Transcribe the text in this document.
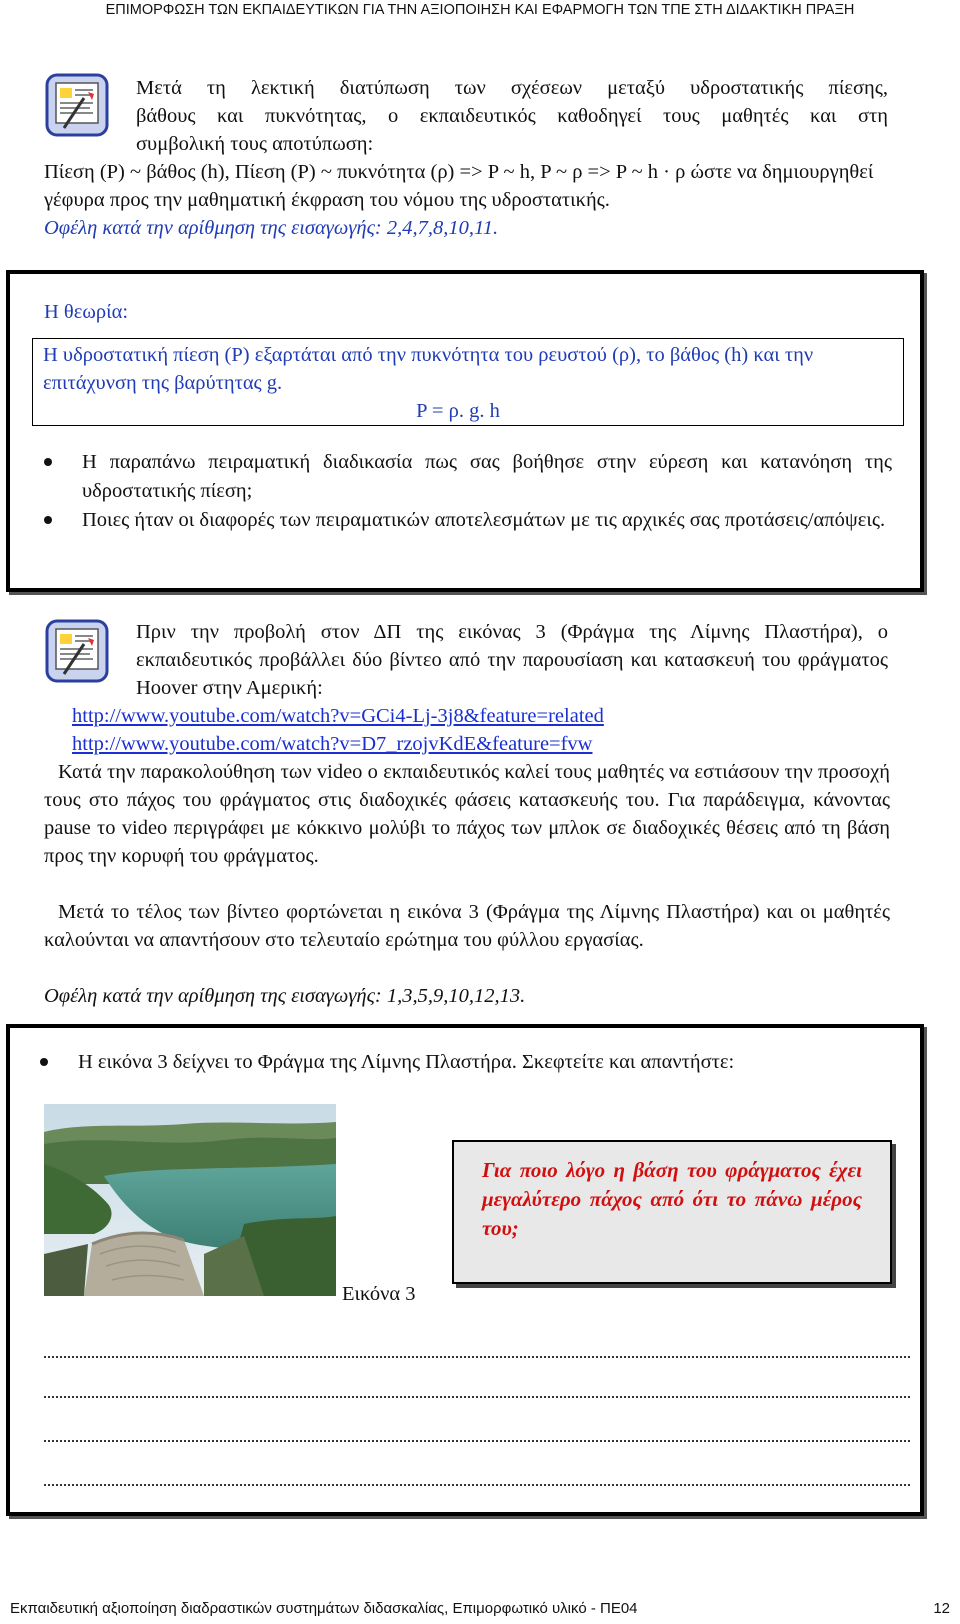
ΕΠΙΜΟΡΦΩΣΗ ΤΩΝ ΕΚΠΑΙΔΕΥΤΙΚΩΝ ΓΙΑ ΤΗΝ ΑΞΙΟΠΟΙΗΣΗ ΚΑΙ ΕΦΑΡΜΟΓΗ ΤΩΝ ΤΠΕ ΣΤΗ ΔΙΔΑΚΤΙΚΗ ΠΡΑΞΗ
Μετά τη λεκτική διατύπωση των σχέσεων μεταξύ υδροστατικής πίεσης,
βάθους και πυκνότητας, ο εκπαιδευτικός καθοδηγεί τους μαθητές και στη
συμβολική τους αποτύπωση:
Πίεση (P) ~ βάθος (h), Πίεση (P) ~ πυκνότητα (ρ) => P ~ h, P ~ ρ => P ~ h · ρ ώστε να δημιουργηθεί γέφυρα προς την μαθηματική έκφραση του νόμου της υδροστατικής.
Οφέλη κατά την αρίθμηση της εισαγωγής: 2,4,7,8,10,11.
Η θεωρία:
Η υδροστατική πίεση (P) εξαρτάται από την πυκνότητα του ρευστού (ρ), το βάθος (h) και την επιτάχυνση της βαρύτητας g.
P = ρ. g. h
Η παραπάνω πειραματική διαδικασία πως σας βοήθησε στην εύρεση και κατανόηση της υδροστατικής πίεση;
Ποιες ήταν οι διαφορές των πειραματικών αποτελεσμάτων με τις αρχικές σας προτάσεις/απόψεις.
Πριν την προβολή στον ΔΠ της εικόνας 3 (Φράγμα της Λίμνης Πλαστήρα), ο εκπαιδευτικός προβάλλει δύο βίντεο από την παρουσίαση και κατασκευή του φράγματος Hoover στην Αμερική:
http://www.youtube.com/watch?v=GCi4-Lj-3j8&feature=related
http://www.youtube.com/watch?v=D7_rzojvKdE&feature=fvw
Κατά την παρακολούθηση των video ο εκπαιδευτικός καλεί τους μαθητές να εστιάσουν την προσοχή τους στο πάχος του φράγματος στις διαδοχικές φάσεις κατασκευής του. Για παράδειγμα, κάνοντας pause το video περιγράφει με κόκκινο μολύβι το πάχος των μπλοκ σε διαδοχικές θέσεις από τη βάση προς την κορυφή του φράγματος.
Μετά το τέλος των βίντεο φορτώνεται η εικόνα 3 (Φράγμα της Λίμνης Πλαστήρα) και οι μαθητές καλούνται να απαντήσουν στο τελευταίο ερώτημα του φύλλου εργασίας.
Οφέλη κατά την αρίθμηση της εισαγωγής: 1,3,5,9,10,12,13.
Η εικόνα 3 δείχνει το Φράγμα της Λίμνης Πλαστήρα. Σκεφτείτε και απαντήστε:
Εικόνα 3
Για ποιο λόγο η βάση του φράγματος έχει μεγαλύτερο πάχος από ότι το πάνω μέρος του;
Εκπαιδευτική αξιοποίηση διαδραστικών συστημάτων διδασκαλίας, Επιμορφωτικό υλικό - ΠΕ04	12
